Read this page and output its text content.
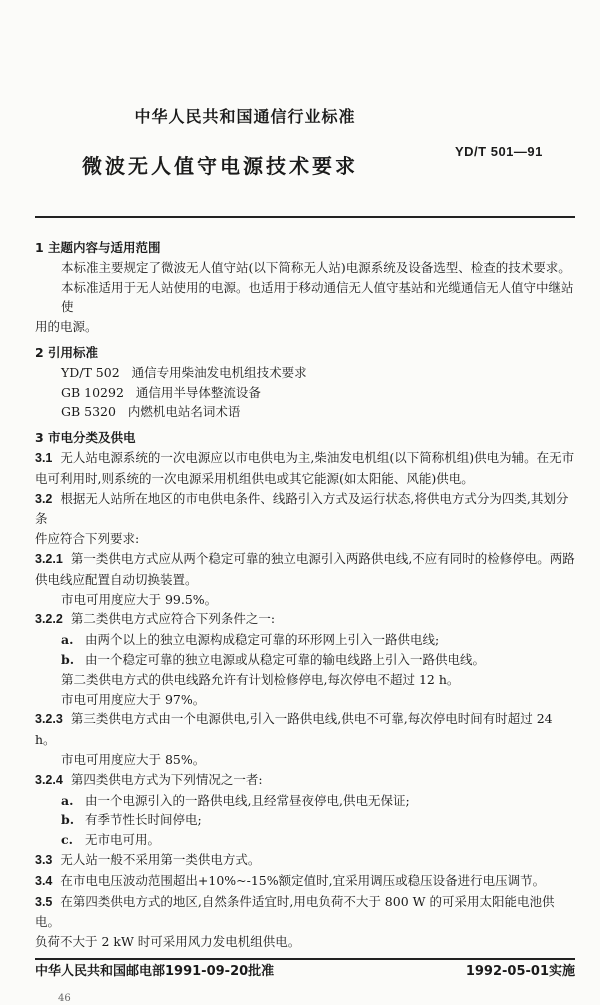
中华人民共和国通信行业标准
微波无人值守电源技术要求
YD/T 501—91
1 主题内容与适用范围
本标准主要规定了微波无人值守站(以下简称无人站)电源系统及设备选型、检查的技术要求。
本标准适用于无人站使用的电源。也适用于移动通信无人值守基站和光缆通信无人值守中继站使
用的电源。
2 引用标准
YD/T 502 通信专用柴油发电机组技术要求
GB 10292 通信用半导体整流设备
GB 5320 内燃机电站名词术语
3 市电分类及供电
3.1 无人站电源系统的一次电源应以市电供电为主,柴油发电机组(以下简称机组)供电为辅。在无市
电可利用时,则系统的一次电源采用机组供电或其它能源(如太阳能、风能)供电。
3.2 根据无人站所在地区的市电供电条件、线路引入方式及运行状态,将供电方式分为四类,其划分条
件应符合下列要求:
3.2.1 第一类供电方式应从两个稳定可靠的独立电源引入两路供电线,不应有同时的检修停电。两路
供电线应配置自动切换装置。
市电可用度应大于 99.5%。
3.2.2 第二类供电方式应符合下列条件之一:
a. 由两个以上的独立电源构成稳定可靠的环形网上引入一路供电线;
b. 由一个稳定可靠的独立电源或从稳定可靠的输电线路上引入一路供电线。
第二类供电方式的供电线路允许有计划检修停电,每次停电不超过 12 h。
市电可用度应大于 97%。
3.2.3 第三类供电方式由一个电源供电,引入一路供电线,供电不可靠,每次停电时间有时超过 24 h。
市电可用度应大于 85%。
3.2.4 第四类供电方式为下列情况之一者:
a. 由一个电源引入的一路供电线,且经常昼夜停电,供电无保证;
b. 有季节性长时间停电;
c. 无市电可用。
3.3 无人站一般不采用第一类供电方式。
3.4 在市电电压波动范围超出+10%~-15%额定值时,宜采用调压或稳压设备进行电压调节。
3.5 在第四类供电方式的地区,自然条件适宜时,用电负荷不大于 800 W 的可采用太阳能电池供电。
负荷不大于 2 kW 时可采用风力发电机组供电。
中华人民共和国邮电部1991-09-20批准	1992-05-01实施
46
